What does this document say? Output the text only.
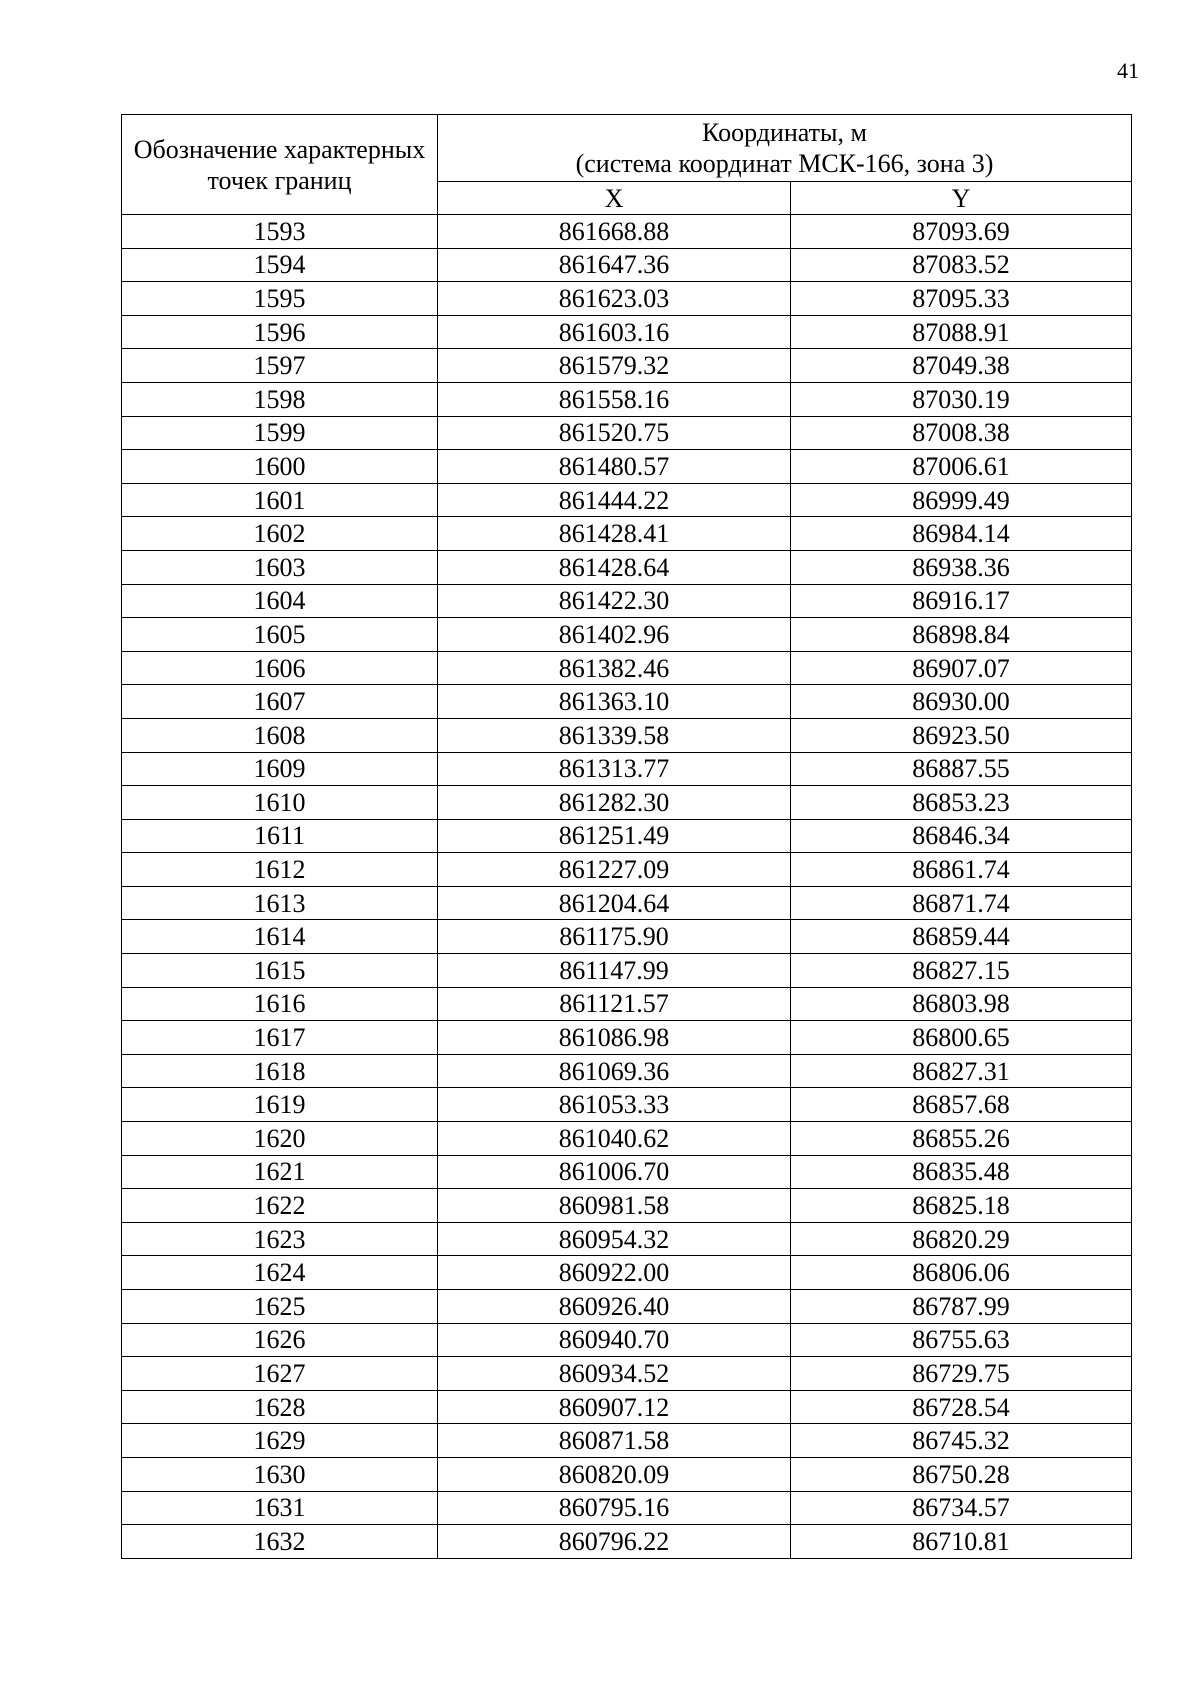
41
Обозначение характерных точек границ	Координаты, м
(система координат МСК-166, зона 3)	

	X	Y
1593	861668.88	87093.69
1594	861647.36	87083.52
1595	861623.03	87095.33
1596	861603.16	87088.91
1597	861579.32	87049.38
1598	861558.16	87030.19
1599	861520.75	87008.38
1600	861480.57	87006.61
1601	861444.22	86999.49
1602	861428.41	86984.14
1603	861428.64	86938.36
1604	861422.30	86916.17
1605	861402.96	86898.84
1606	861382.46	86907.07
1607	861363.10	86930.00
1608	861339.58	86923.50
1609	861313.77	86887.55
1610	861282.30	86853.23
1611	861251.49	86846.34
1612	861227.09	86861.74
1613	861204.64	86871.74
1614	861175.90	86859.44
1615	861147.99	86827.15
1616	861121.57	86803.98
1617	861086.98	86800.65
1618	861069.36	86827.31
1619	861053.33	86857.68
1620	861040.62	86855.26
1621	861006.70	86835.48
1622	860981.58	86825.18
1623	860954.32	86820.29
1624	860922.00	86806.06
1625	860926.40	86787.99
1626	860940.70	86755.63
1627	860934.52	86729.75
1628	860907.12	86728.54
1629	860871.58	86745.32
1630	860820.09	86750.28
1631	860795.16	86734.57
1632	860796.22	86710.81
